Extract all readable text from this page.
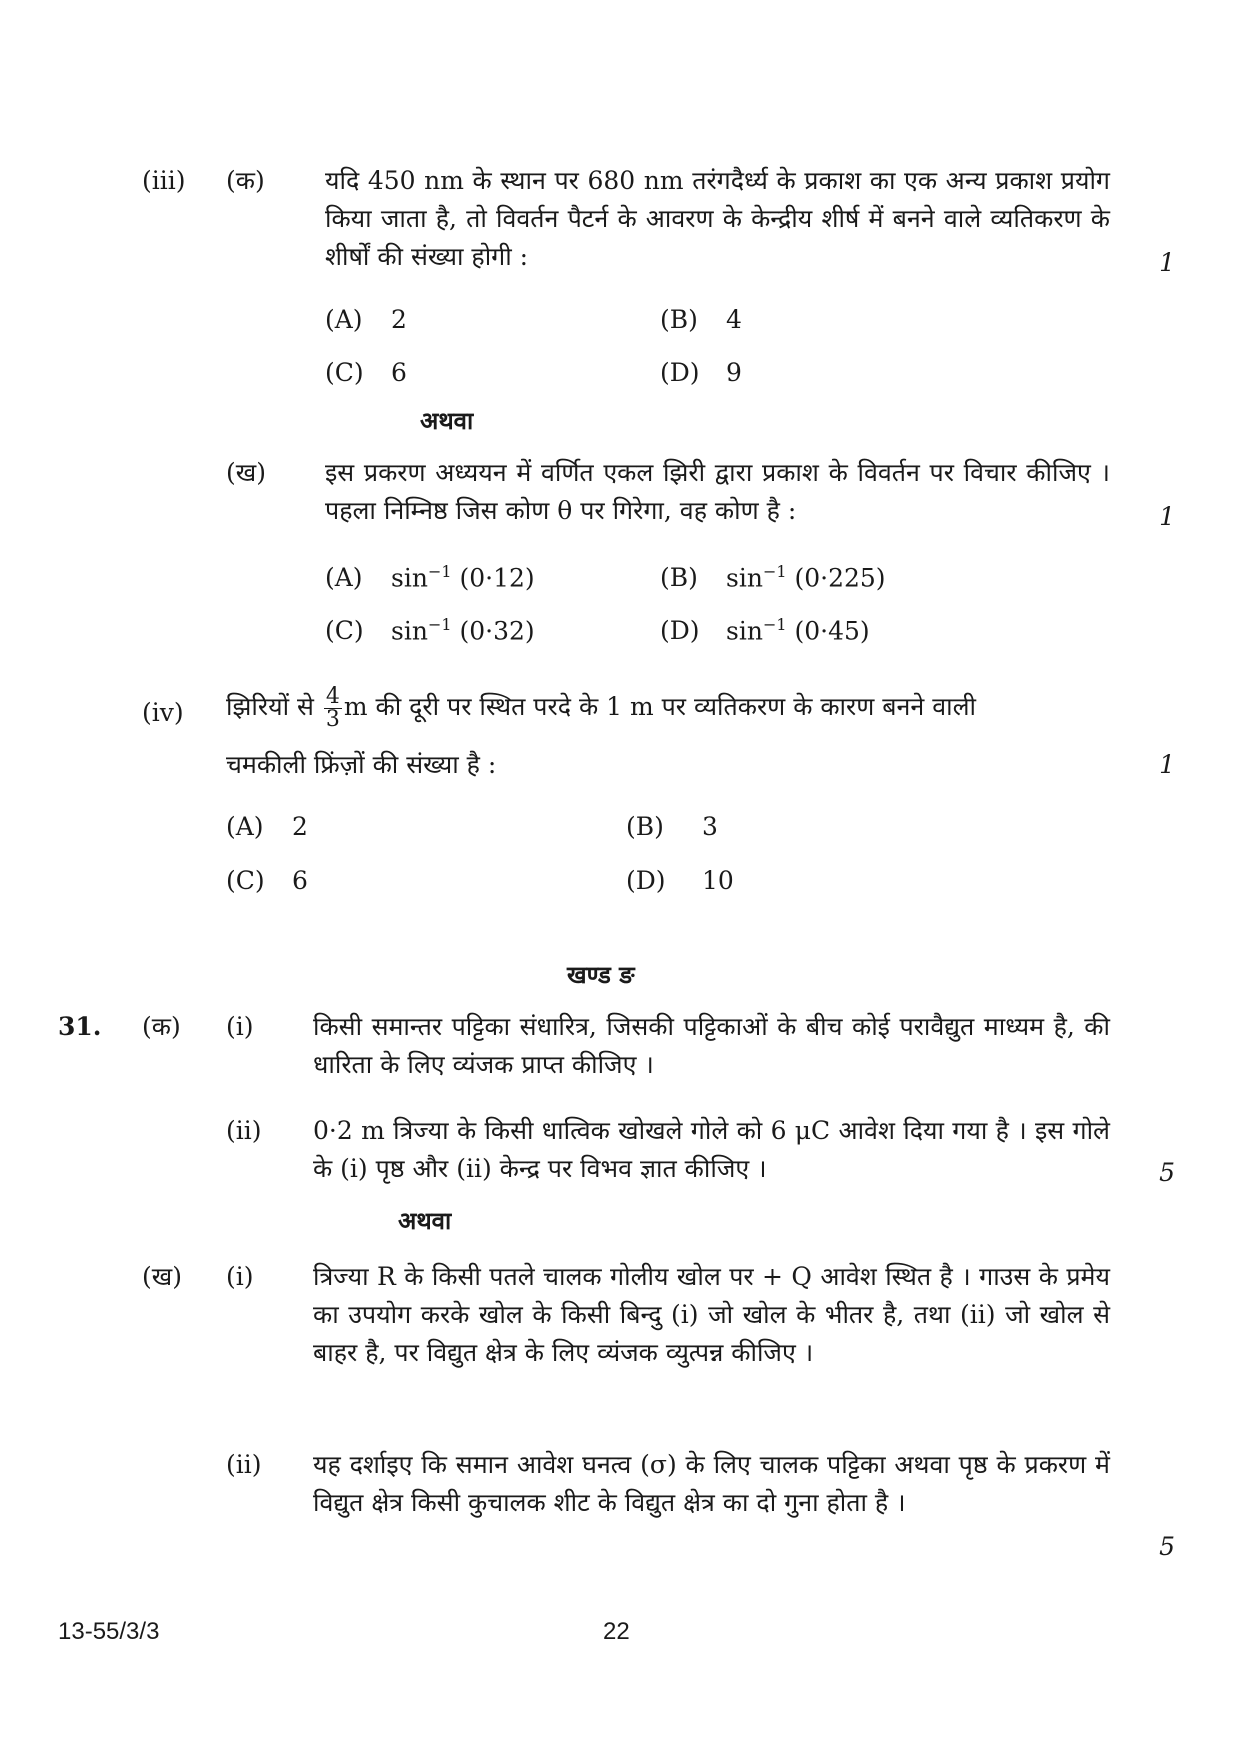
(iii) (क) यदि 450 nm के स्थान पर 680 nm तरंगदैर्ध्य के प्रकाश का एक अन्य प्रकाश प्रयोग किया जाता है, तो विवर्तन पैटर्न के आवरण के केन्द्रीय शीर्ष में बनने वाले व्यतिकरण के शीर्षों की संख्या होगी :	1
(A) 2	(B) 4
(C) 6	(D) 9
अथवा
(ख) इस प्रकरण अध्ययन में वर्णित एकल झिरी द्वारा प्रकाश के विवर्तन पर विचार कीजिए । पहला निम्निष्ठ जिस कोण θ पर गिरेगा, वह कोण है :	1
(A) $\sin^{-1} (0\cdot 12)$	(B) $\sin^{-1} (0\cdot 225)$
(C) $\sin^{-1} (0\cdot 32)$	(D) $\sin^{-1} (0\cdot 45)$
(iv) झिरियों से $\frac{4}{3}$ m की दूरी पर स्थित परदे के 1 m पर व्यतिकरण के कारण बनने वाली
चमकीली फ्रिंज़ों की संख्या है :	1
(A) 2	(B) 3
(C) 6	(D) 10
खण्ड ङ
31. (क) (i) किसी समान्तर पट्टिका संधारित्र, जिसकी पट्टिकाओं के बीच कोई परावैद्युत माध्यम है, की धारिता के लिए व्यंजक प्राप्त कीजिए ।
(ii) 0·2 m त्रिज्या के किसी धात्विक खोखले गोले को 6 μC आवेश दिया गया है । इस गोले के (i) पृष्ठ और (ii) केन्द्र पर विभव ज्ञात कीजिए ।	5
अथवा
(ख) (i) त्रिज्या R के किसी पतले चालक गोलीय खोल पर + Q आवेश स्थित है । गाउस के प्रमेय का उपयोग करके खोल के किसी बिन्दु (i) जो खोल के भीतर है, तथा (ii) जो खोल से बाहर है, पर विद्युत क्षेत्र के लिए व्यंजक व्युत्पन्न कीजिए ।
(ii) यह दर्शाइए कि समान आवेश घनत्व (σ) के लिए चालक पट्टिका अथवा पृष्ठ के प्रकरण में विद्युत क्षेत्र किसी कुचालक शीट के विद्युत क्षेत्र का दो गुना होता है ।
5
13-55/3/3	22
